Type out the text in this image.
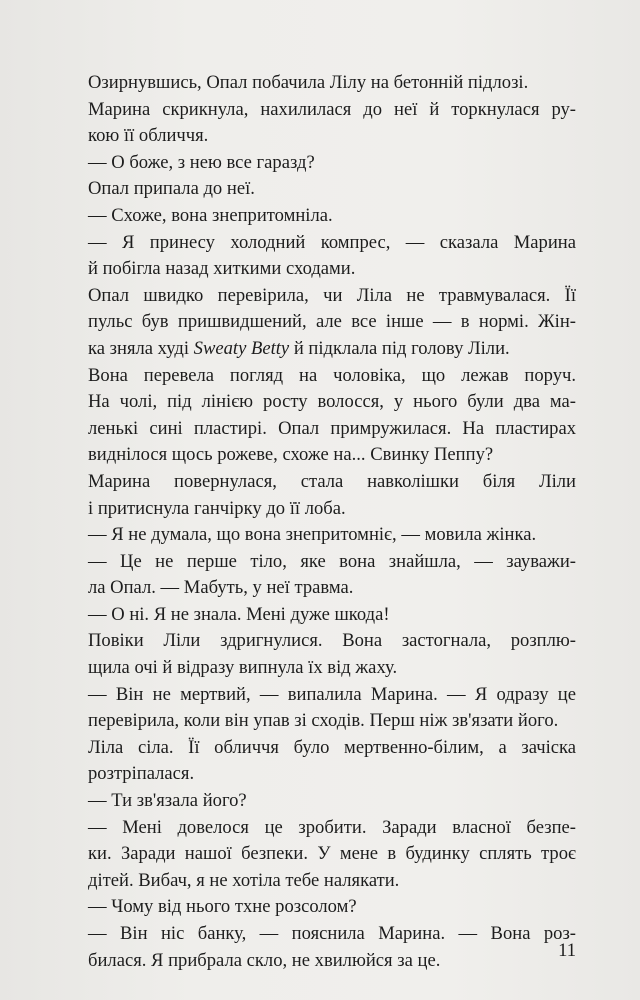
Озирнувшись, Опал побачила Лілу на бетонній підлозі.
Марина скрикнула, нахилилася до неї й торкнулася ру-
кою її обличчя.
— О боже, з нею все гаразд?
Опал припала до неї.
— Схоже, вона знепритомніла.
— Я принесу холодний компрес, — сказала Марина
й побігла назад хиткими сходами.
Опал швидко перевірила, чи Ліла не травмувалася. Її
пульс був пришвидшений, але все інше — в нормі. Жін-
ка зняла худі Sweaty Betty й підклала під голову Ліли.
Вона перевела погляд на чоловіка, що лежав поруч.
На чолі, під лінією росту волосся, у нього були два ма-
ленькі сині пластирі. Опал примружилася. На пластирах
виднілося щось рожеве, схоже на... Свинку Пеппу?
Марина повернулася, стала навколішки біля Ліли
і притиснула ганчірку до її лоба.
— Я не думала, що вона знепритомніє, — мовила жінка.
— Це не перше тіло, яке вона знайшла, — зауважи-
ла Опал. — Мабуть, у неї травма.
— О ні. Я не знала. Мені дуже шкода!
Повіки Ліли здригнулися. Вона застогнала, розплю-
щила очі й відразу випнула їх від жаху.
— Він не мертвий, — випалила Марина. — Я одразу це
перевірила, коли він упав зі сходів. Перш ніж зв'язати його.
Ліла сіла. Її обличчя було мертвенно-білим, а зачіска
розтріпалася.
— Ти зв'язала його?
— Мені довелося це зробити. Заради власної безпе-
ки. Заради нашої безпеки. У мене в будинку сплять троє
дітей. Вибач, я не хотіла тебе налякати.
— Чому від нього тхне розсолом?
— Він ніс банку, — пояснила Марина. — Вона роз-
билася. Я прибрала скло, не хвилюйся за це.	11
